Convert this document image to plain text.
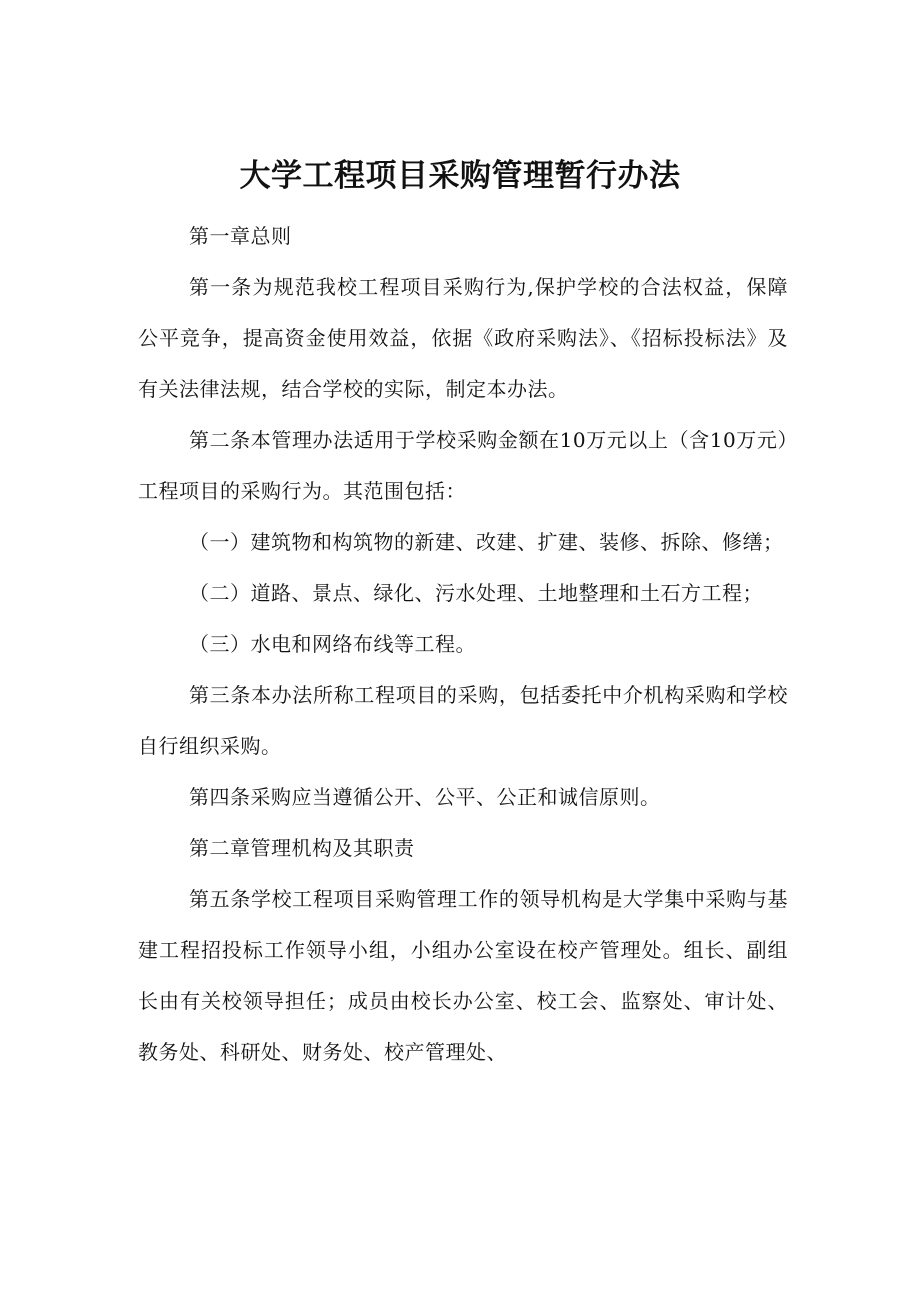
大学工程项目采购管理暂行办法

第一章总则

第一条为规范我校工程项目采购行为,保护学校的合法权益，保障公平竞争，提高资金使用效益，依据《政府采购法》、《招标投标法》及有关法律法规，结合学校的实际，制定本办法。

第二条本管理办法适用于学校采购金额在10万元以上（含10万元）工程项目的采购行为。其范围包括：

（一）建筑物和构筑物的新建、改建、扩建、装修、拆除、修缮；

（二）道路、景点、绿化、污水处理、土地整理和土石方工程；

（三）水电和网络布线等工程。

第三条本办法所称工程项目的采购，包括委托中介机构采购和学校自行组织采购。

第四条采购应当遵循公开、公平、公正和诚信原则。

第二章管理机构及其职责

第五条学校工程项目采购管理工作的领导机构是大学集中采购与基建工程招投标工作领导小组，小组办公室设在校产管理处。组长、副组长由有关校领导担任；成员由校长办公室、校工会、监察处、审计处、教务处、科研处、财务处、校产管理处、
